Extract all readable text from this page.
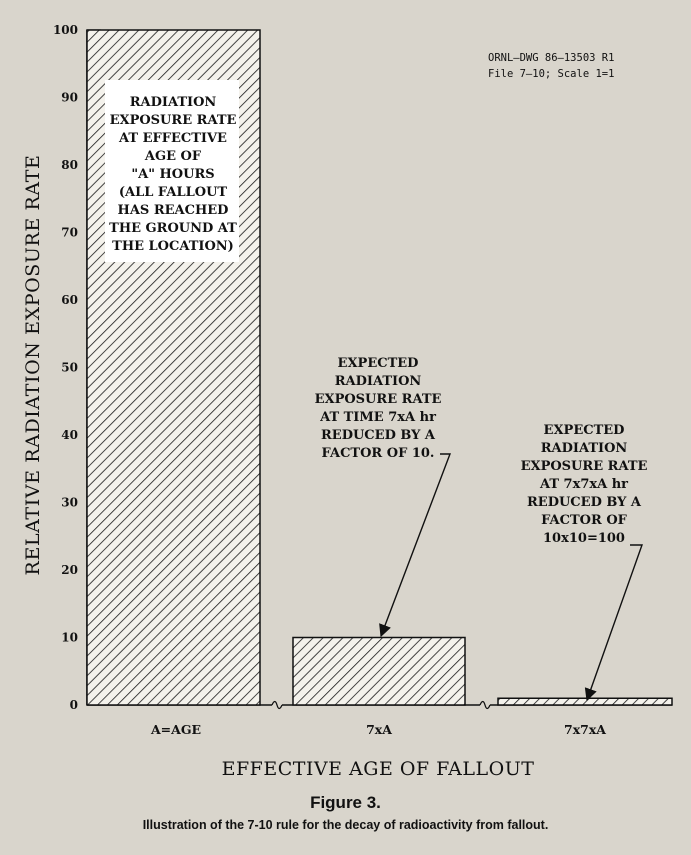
0
10
20
30
40
50
60
70
80
90
100
A=AGE	7xA	7x7xA
RELATIVE RADIATION EXPOSURE RATE
EFFECTIVE AGE OF FALLOUT
RADIATION
EXPOSURE RATE
AT EFFECTIVE
AGE OF
"A" HOURS
(ALL FALLOUT
HAS REACHED
THE GROUND AT
THE LOCATION)
EXPECTED
RADIATION
EXPOSURE RATE
AT TIME 7xA hr
REDUCED BY A
FACTOR OF 10.
EXPECTED
RADIATION
EXPOSURE RATE
AT 7x7xA hr
REDUCED BY A
FACTOR OF
10x10=100
ORNL–DWG 86–13503 R1
File 7–10; Scale 1=1
Figure 3.
Illustration of the 7-10 rule for the decay of radioactivity from fallout.
